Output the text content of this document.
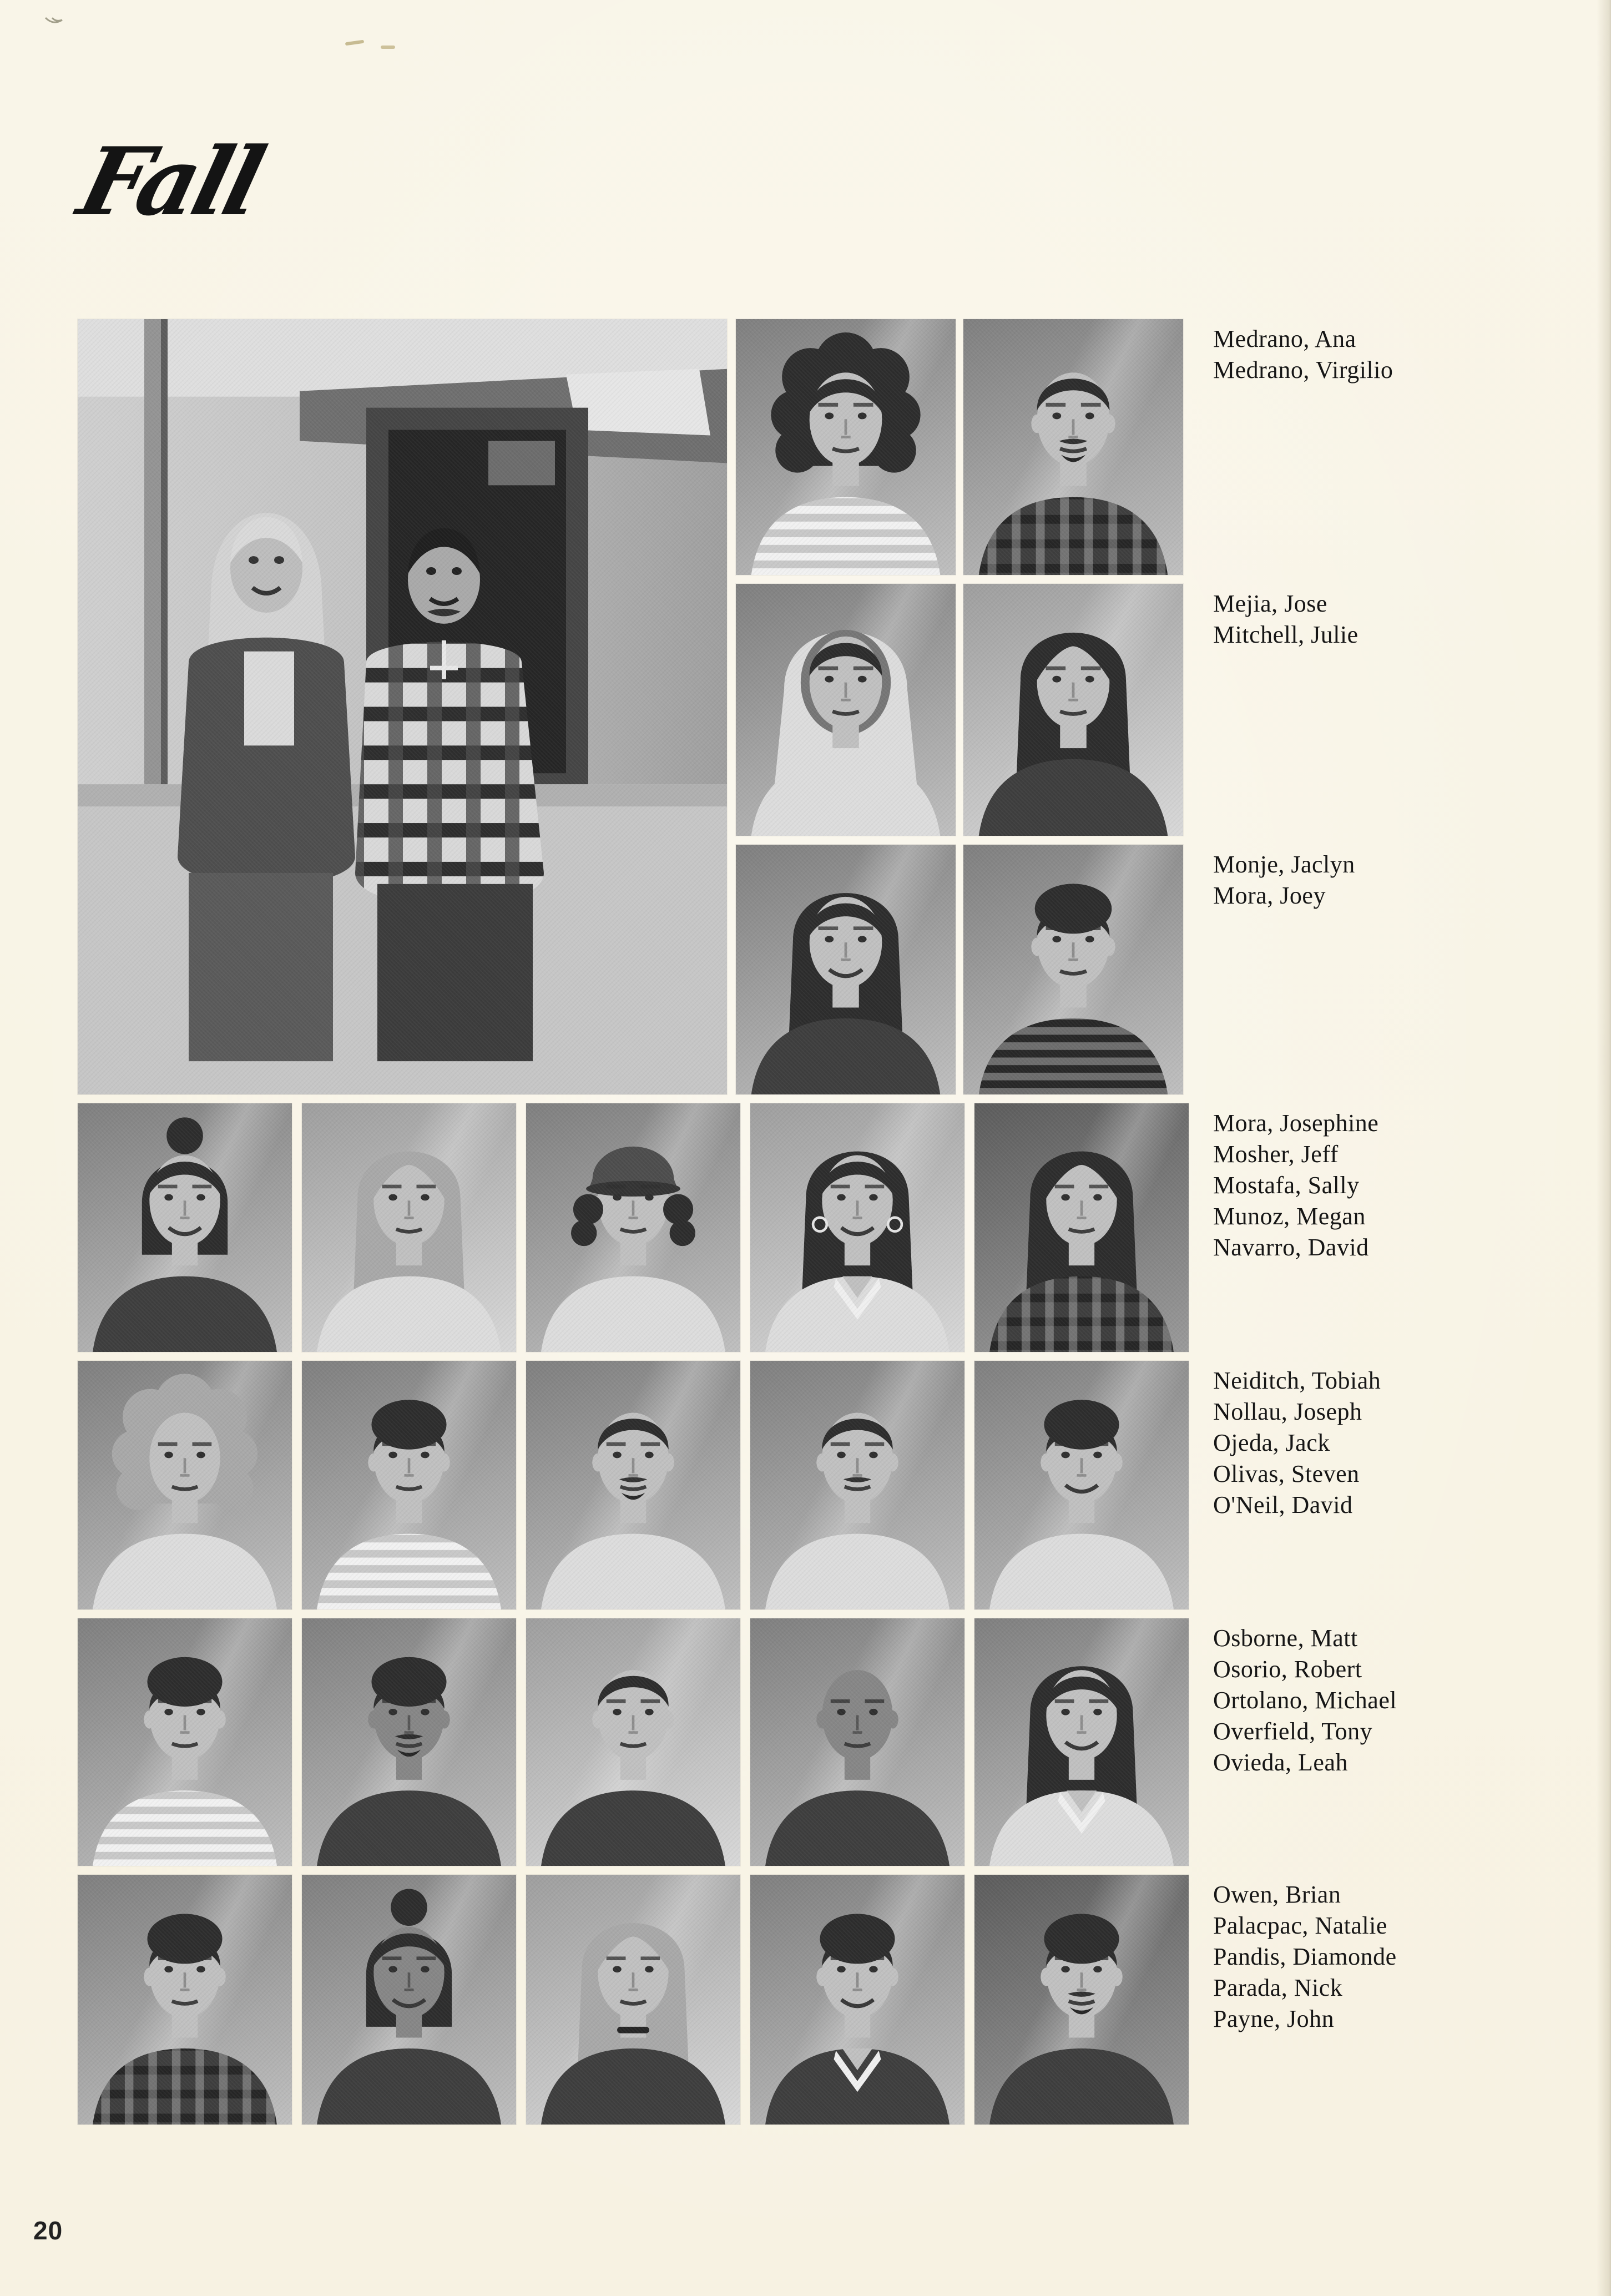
Fall
Medrano, Ana
Medrano, Virgilio
Mejia, Jose
Mitchell, Julie
Monje, Jaclyn
Mora, Joey
Mora, Josephine
Mosher, Jeff
Mostafa, Sally
Munoz, Megan
Navarro, David
Neiditch, Tobiah
Nollau, Joseph
Ojeda, Jack
Olivas, Steven
O'Neil, David
Osborne, Matt
Osorio, Robert
Ortolano, Michael
Overfield, Tony
Ovieda, Leah
Owen, Brian
Palacpac, Natalie
Pandis, Diamonde
Parada, Nick
Payne, John
20
